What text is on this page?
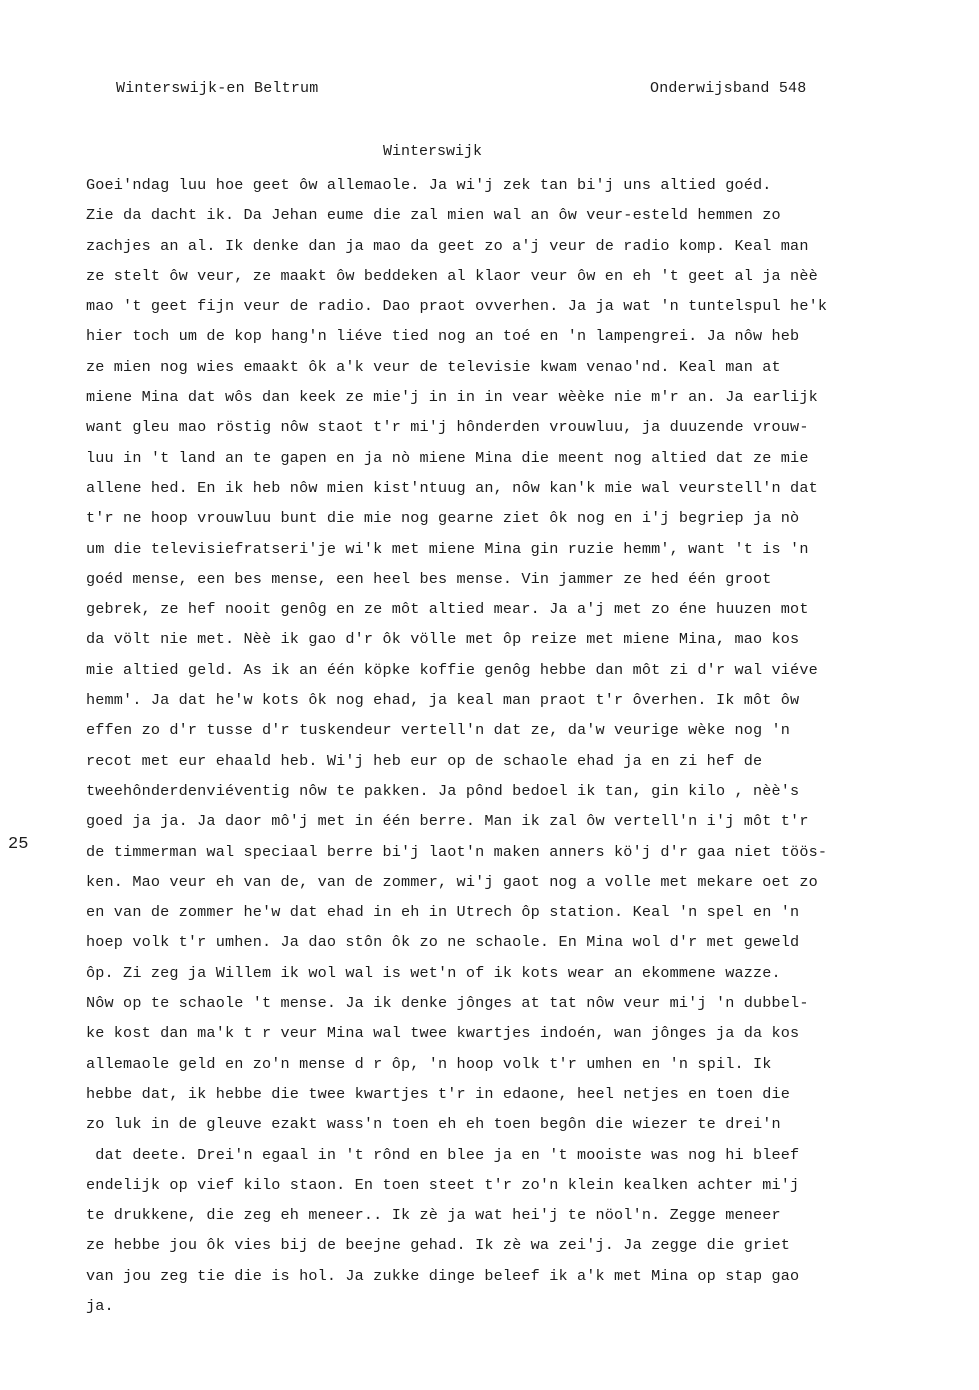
Winterswijk-en Beltrum	Onderwijsband 548
Winterswijk
25
Goei'ndag luu hoe geet ôw allemaole. Ja wi'j zek tan bi'j uns altied goéd.
Zie da dacht ik. Da Jehan eume die zal mien wal an ôw veur-esteld hemmen zo
zachjes an al. Ik denke dan ja mao da geet zo a'j veur de radio komp. Keal man
ze stelt ôw veur, ze maakt ôw beddeken al klaor veur ôw en eh 't geet al ja nèè
mao 't geet fijn veur de radio. Dao praot ovverhen. Ja ja wat 'n tuntelspul he'k
hier toch um de kop hang'n liéve tied nog an toé en 'n lampengrei. Ja nôw heb
ze mien nog wies emaakt ôk a'k veur de televisie kwam venao'nd. Keal man at
miene Mina dat wôs dan keek ze mie'j in in in vear wèèke nie m'r an. Ja earlijk
want gleu mao röstig nôw staot t'r mi'j hônderden vrouwluu, ja duuzende vrouw-
luu in 't land an te gapen en ja nò miene Mina die meent nog altied dat ze mie
allene hed. En ik heb nôw mien kist'ntuug an, nôw kan'k mie wal veurstell'n dat
t'r ne hoop vrouwluu bunt die mie nog gearne ziet ôk nog en i'j begriep ja nò
um die televisiefratseri'je wi'k met miene Mina gin ruzie hemm', want 't is 'n
goéd mense, een bes mense, een heel bes mense. Vin jammer ze hed één groot
gebrek, ze hef nooit genôg en ze môt altied mear. Ja a'j met zo éne huuzen mot
da völt nie met. Nèè ik gao d'r ôk völle met ôp reize met miene Mina, mao kos
mie altied geld. As ik an één köpke koffie genôg hebbe dan môt zi d'r wal viéve
hemm'. Ja dat he'w kots ôk nog ehad, ja keal man praot t'r ôverhen. Ik môt ôw
effen zo d'r tusse d'r tuskendeur vertell'n dat ze, da'w veurige wèke nog 'n
recot met eur ehaald heb. Wi'j heb eur op de schaole ehad ja en zi hef de
tweehônderdenviéventig nôw te pakken. Ja pônd bedoel ik tan, gin kilo , nèè's
goed ja ja. Ja daor mô'j met in één berre. Man ik zal ôw vertell'n i'j môt t'r
de timmerman wal speciaal berre bi'j laot'n maken anners kö'j d'r gaa niet töös-
ken. Mao veur eh van de, van de zommer, wi'j gaot nog a volle met mekare oet zo
en van de zommer he'w dat ehad in eh in Utrech ôp station. Keal 'n spel en 'n
hoep volk t'r umhen. Ja dao stôn ôk zo ne schaole. En Mina wol d'r met geweld
ôp. Zi zeg ja Willem ik wol wal is wet'n of ik kots wear an ekommene wazze.
Nôw op te schaole 't mense. Ja ik denke jônges at tat nôw veur mi'j 'n dubbel-
ke kost dan ma'k t r veur Mina wal twee kwartjes indoén, wan jônges ja da kos
allemaole geld en zo'n mense d r ôp, 'n hoop volk t'r umhen en 'n spil. Ik
hebbe dat, ik hebbe die twee kwartjes t'r in edaone, heel netjes en toen die
zo luk in de gleuve ezakt wass'n toen eh eh toen begôn die wiezer te drei'n
dat deete. Drei'n egaal in 't rônd en blee ja en 't mooiste was nog hi bleef
endelijk op vief kilo staon. En toen steet t'r zo'n klein kealken achter mi'j
te drukkene, die zeg eh meneer.. Ik zè ja wat hei'j te nöol'n. Zegge meneer
ze hebbe jou ôk vies bij de beejne gehad. Ik zè wa zei'j. Ja zegge die griet
van jou zeg tie die is hol. Ja zukke dinge beleef ik a'k met Mina op stap gao
ja.
